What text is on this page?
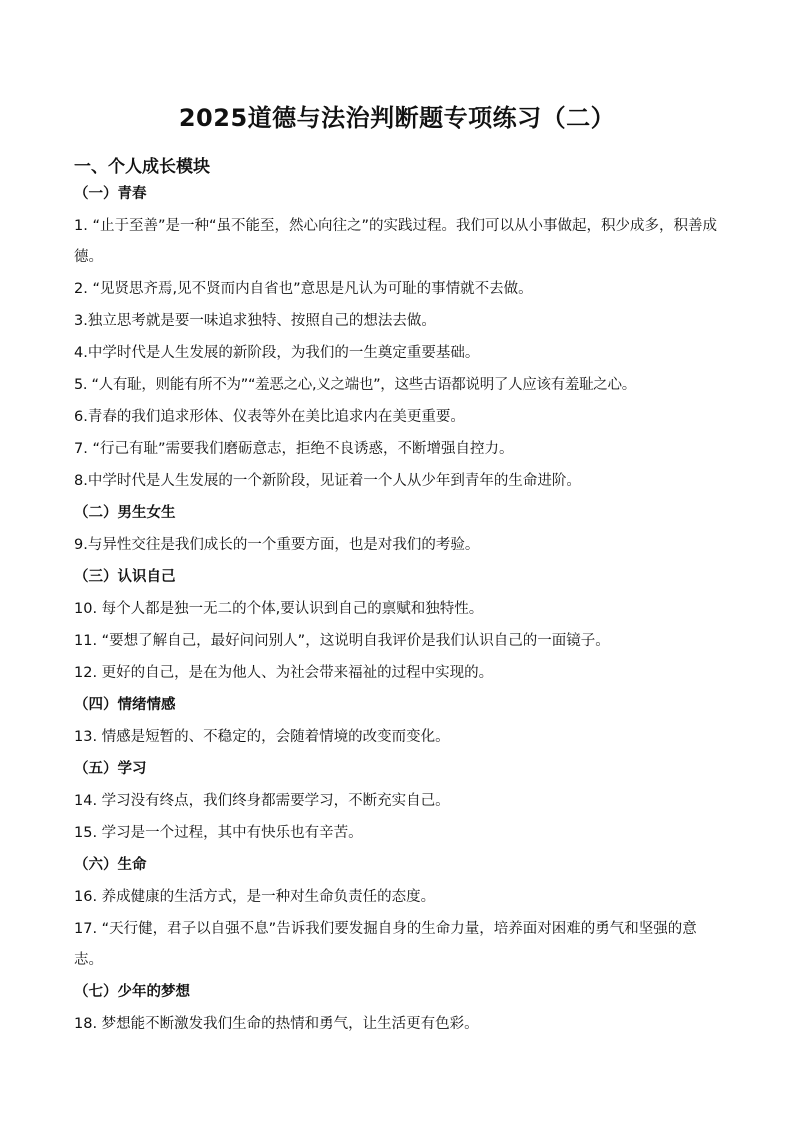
2025道德与法治判断题专项练习（二）
一、个人成长模块
（一）青春
1. “止于至善”是一种“虽不能至，然心向往之”的实践过程。我们可以从小事做起，积少成多，积善成德。
2. “见贤思齐焉,见不贤而内自省也”意思是凡认为可耻的事情就不去做。
3.独立思考就是要一味追求独特、按照自己的想法去做。
4.中学时代是人生发展的新阶段，为我们的一生奠定重要基础。
5. “人有耻，则能有所不为”“羞恶之心,义之端也”，这些古语都说明了人应该有羞耻之心。
6.青春的我们追求形体、仪表等外在美比追求内在美更重要。
7. “行己有耻”需要我们磨砺意志，拒绝不良诱惑，不断增强自控力。
8.中学时代是人生发展的一个新阶段，见证着一个人从少年到青年的生命进阶。
（二）男生女生
9.与异性交往是我们成长的一个重要方面，也是对我们的考验。
（三）认识自己
10. 每个人都是独一无二的个体,要认识到自己的禀赋和独特性。
11. “要想了解自己，最好问问别人”，这说明自我评价是我们认识自己的一面镜子。
12. 更好的自己，是在为他人、为社会带来福祉的过程中实现的。
（四）情绪情感
13. 情感是短暂的、不稳定的，会随着情境的改变而变化。
（五）学习
14. 学习没有终点，我们终身都需要学习，不断充实自己。
15. 学习是一个过程，其中有快乐也有辛苦。
（六）生命
16. 养成健康的生活方式，是一种对生命负责任的态度。
17. “天行健，君子以自强不息”告诉我们要发掘自身的生命力量，培养面对困难的勇气和坚强的意志。
（七）少年的梦想
18. 梦想能不断激发我们生命的热情和勇气，让生活更有色彩。
